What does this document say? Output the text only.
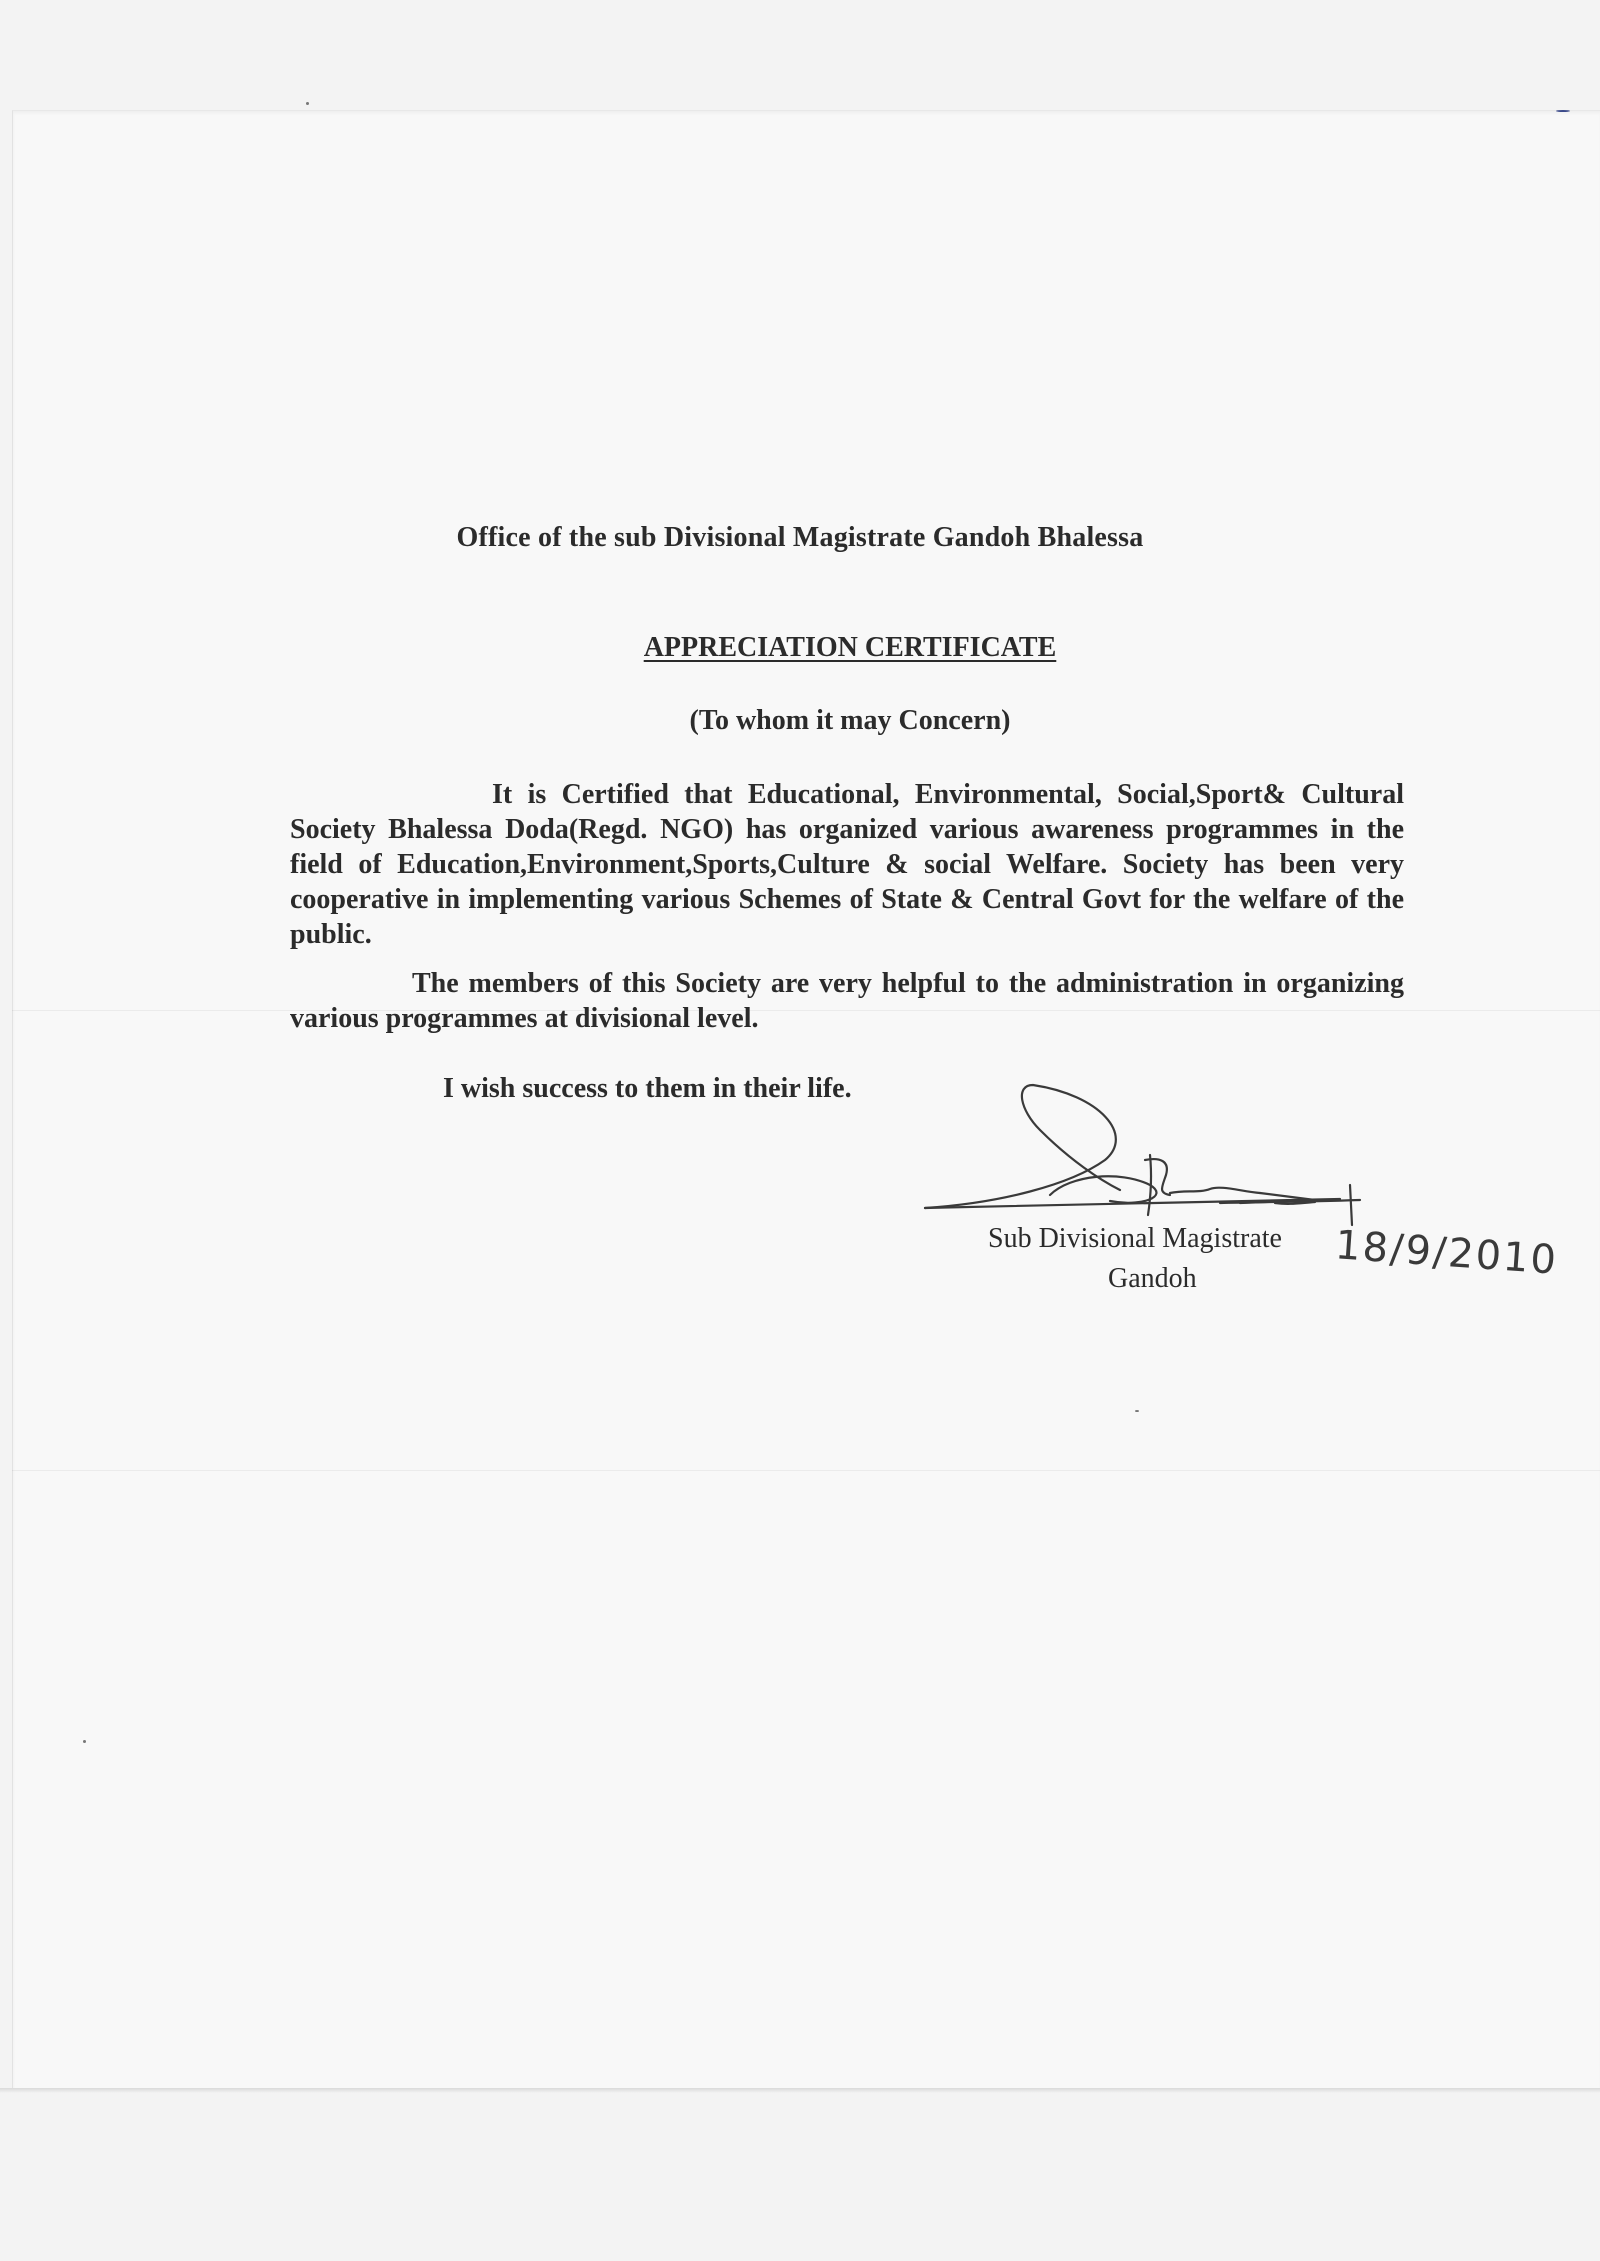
Office of the sub Divisional Magistrate Gandoh Bhalessa
APPRECIATION CERTIFICATE
(To whom it may Concern)

It is Certified that Educational, Environmental, Social,Sport& Cultural Society Bhalessa Doda(Regd. NGO) has organized various awareness programmes in the field of Education,Environment,Sports,Culture & social Welfare. Society has been very cooperative in implementing various Schemes of State & Central Govt for the welfare of the public.

The members of this Society are very helpful to the administration in organizing various programmes at divisional level.

I wish success to them in their life.
Sub Divisional Magistrate
Gandoh	18/9/2010
